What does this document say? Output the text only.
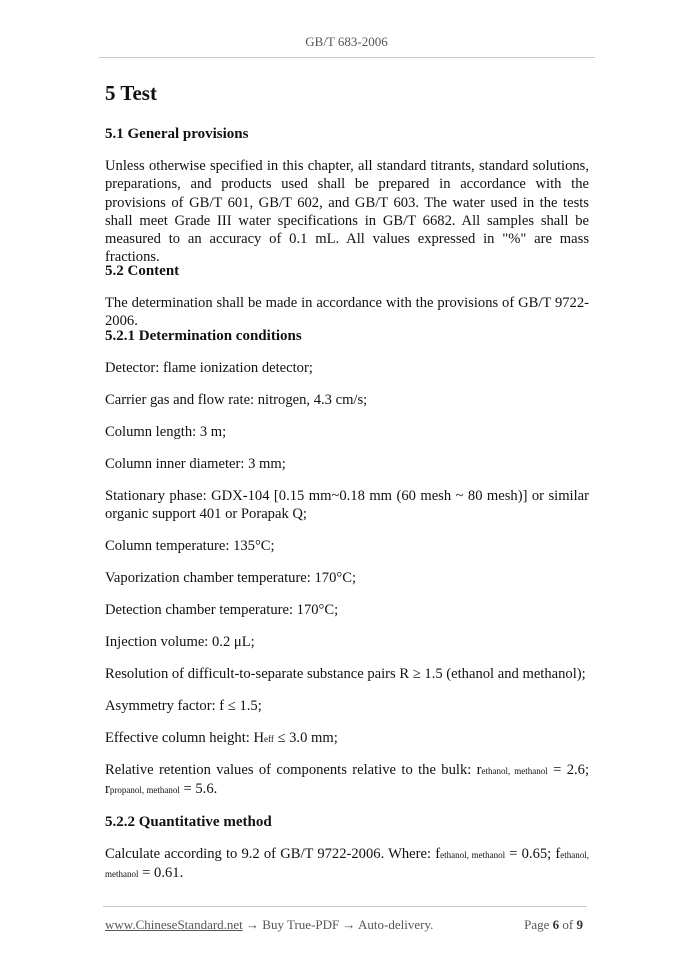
GB/T 683-2006
5 Test
5.1 General provisions

Unless otherwise specified in this chapter, all standard titrants, standard solutions, preparations, and products used shall be prepared in accordance with the provisions of GB/T 601, GB/T 602, and GB/T 603. The water used in the tests shall meet Grade III water specifications in GB/T 6682. All samples shall be measured to an accuracy of 0.1 mL. All values expressed in "%" are mass fractions.

5.2 Content

The determination shall be made in accordance with the provisions of GB/T 9722-2006.

5.2.1 Determination conditions

Detector: flame ionization detector;

Carrier gas and flow rate: nitrogen, 4.3 cm/s;

Column length: 3 m;

Column inner diameter: 3 mm;

Stationary phase: GDX-104 [0.15 mm~0.18 mm (60 mesh ~ 80 mesh)] or similar organic support 401 or Porapak Q;

Column temperature: 135°C;

Vaporization chamber temperature: 170°C;

Detection chamber temperature: 170°C;

Injection volume: 0.2 μL;

Resolution of difficult-to-separate substance pairs R ≥ 1.5 (ethanol and methanol);

Asymmetry factor: f ≤ 1.5;

Effective column height: Heff ≤ 3.0 mm;

Relative retention values of components relative to the bulk: rethanol, methanol = 2.6; rpropanol, methanol = 5.6.

5.2.2 Quantitative method

Calculate according to 9.2 of GB/T 9722-2006. Where: fethanol, methanol = 0.65; fethanol, methanol = 0.61.

www.ChineseStandard.net → Buy True-PDF → Auto-delivery.	Page 6 of 9
